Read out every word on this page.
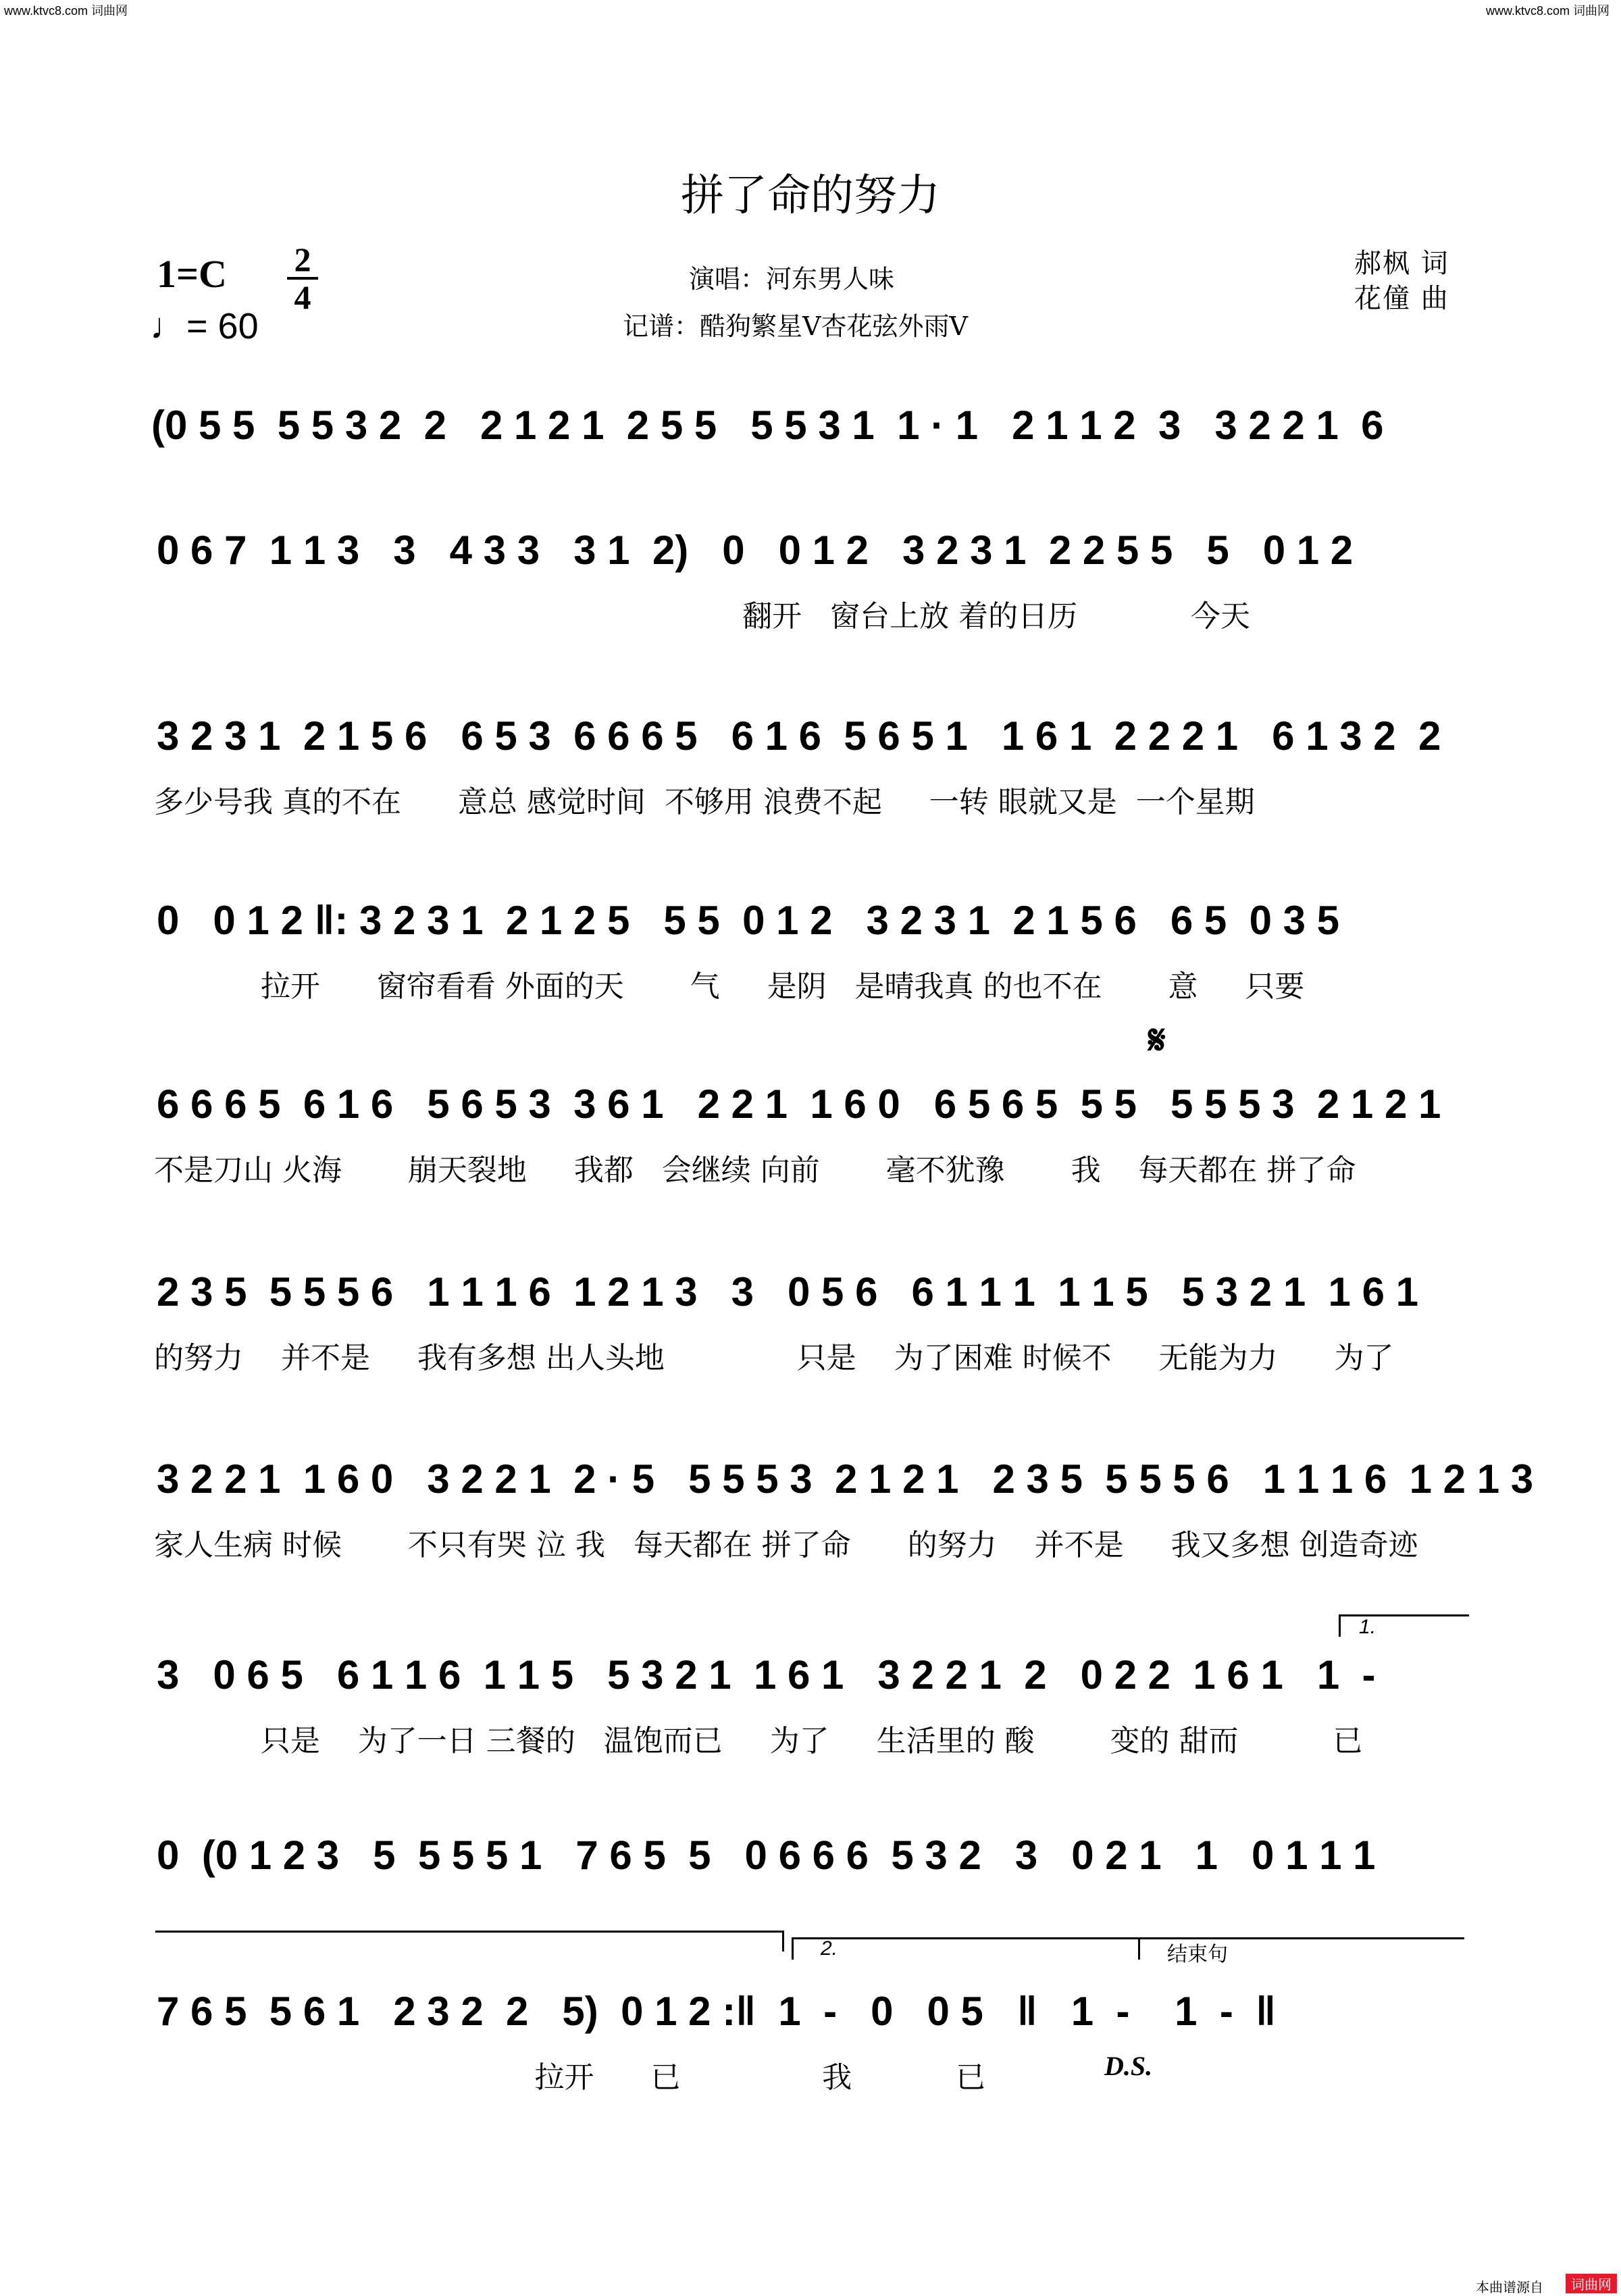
www.ktvc8.com 词曲网	www.ktvc8.com 词曲网
拼了命的努力
1=C 2
4
♩= 60
演唱：河东男人味
记谱：酷狗繁星V杏花弦外雨V
郝枫 词
花僮 曲
(0 5 5  5 5 3 2  2   2 1 2 1  2 5 5   5 5 3 1  1 · 1   2 1 1 2  3   3 2 2 1  6
0 6 7  1 1 3   3   4 3 3   3 1  2)   0   0 1 2   3 2 3 1  2 2 5 5   5   0 1 2
翻开   窗台上放 着的日历            今天
3 2 3 1  2 1 5 6   6 5 3  6 6 6 5   6 1 6  5 6 5 1   1 6 1  2 2 2 1   6 1 3 2  2
多少号我 真的不在      意总 感觉时间  不够用 浪费不起     一转 眼就又是  一个星期
0   0 1 2 ‖: 3 2 3 1  2 1 2 5   5 5  0 1 2   3 2 3 1  2 1 5 6   6 5  0 3 5
拉开      窗帘看看 外面的天       气     是阴   是晴我真 的也不在       意     只要
6 6 6 5  6 1 6   5 6 5 3  3 6 1   2 2 1  1 6 0   6 5 6 5  5 5   5 5 5 3  2 1 2 1
不是刀山 火海       崩天裂地     我都   会继续 向前       毫不犹豫       我    每天都在 拼了命
2 3 5  5 5 5 6   1 1 1 6  1 2 1 3   3   0 5 6   6 1 1 1  1 1 5   5 3 2 1  1 6 1
的努力    并不是     我有多想 出人头地              只是    为了困难 时候不     无能为力      为了
3 2 2 1  1 6 0   3 2 2 1  2 · 5   5 5 5 3  2 1 2 1   2 3 5  5 5 5 6   1 1 1 6  1 2 1 3
家人生病 时候       不只有哭 泣 我   每天都在 拼了命      的努力    并不是     我又多想 创造奇迹
3   0 6 5   6 1 1 6  1 1 5   5 3 2 1  1 6 1   3 2 2 1  2   0 2 2  1 6 1   1  -
只是    为了一日 三餐的   温饱而已     为了     生活里的 酸        变的 甜而          已
0  (0 1 2 3   5  5 5 5 1   7 6 5  5   0 6 6 6  5 3 2   3   0 2 1   1   0 1 1 1
7 6 5  5 6 1   2 3 2  2   5)  0 1 2 :‖  1  -   0   0 5   ‖   1  -    1  -  ‖
拉开      已               我           已
𝄋
1.
2.	结束句
D.S.
本曲谱源自	词曲网
